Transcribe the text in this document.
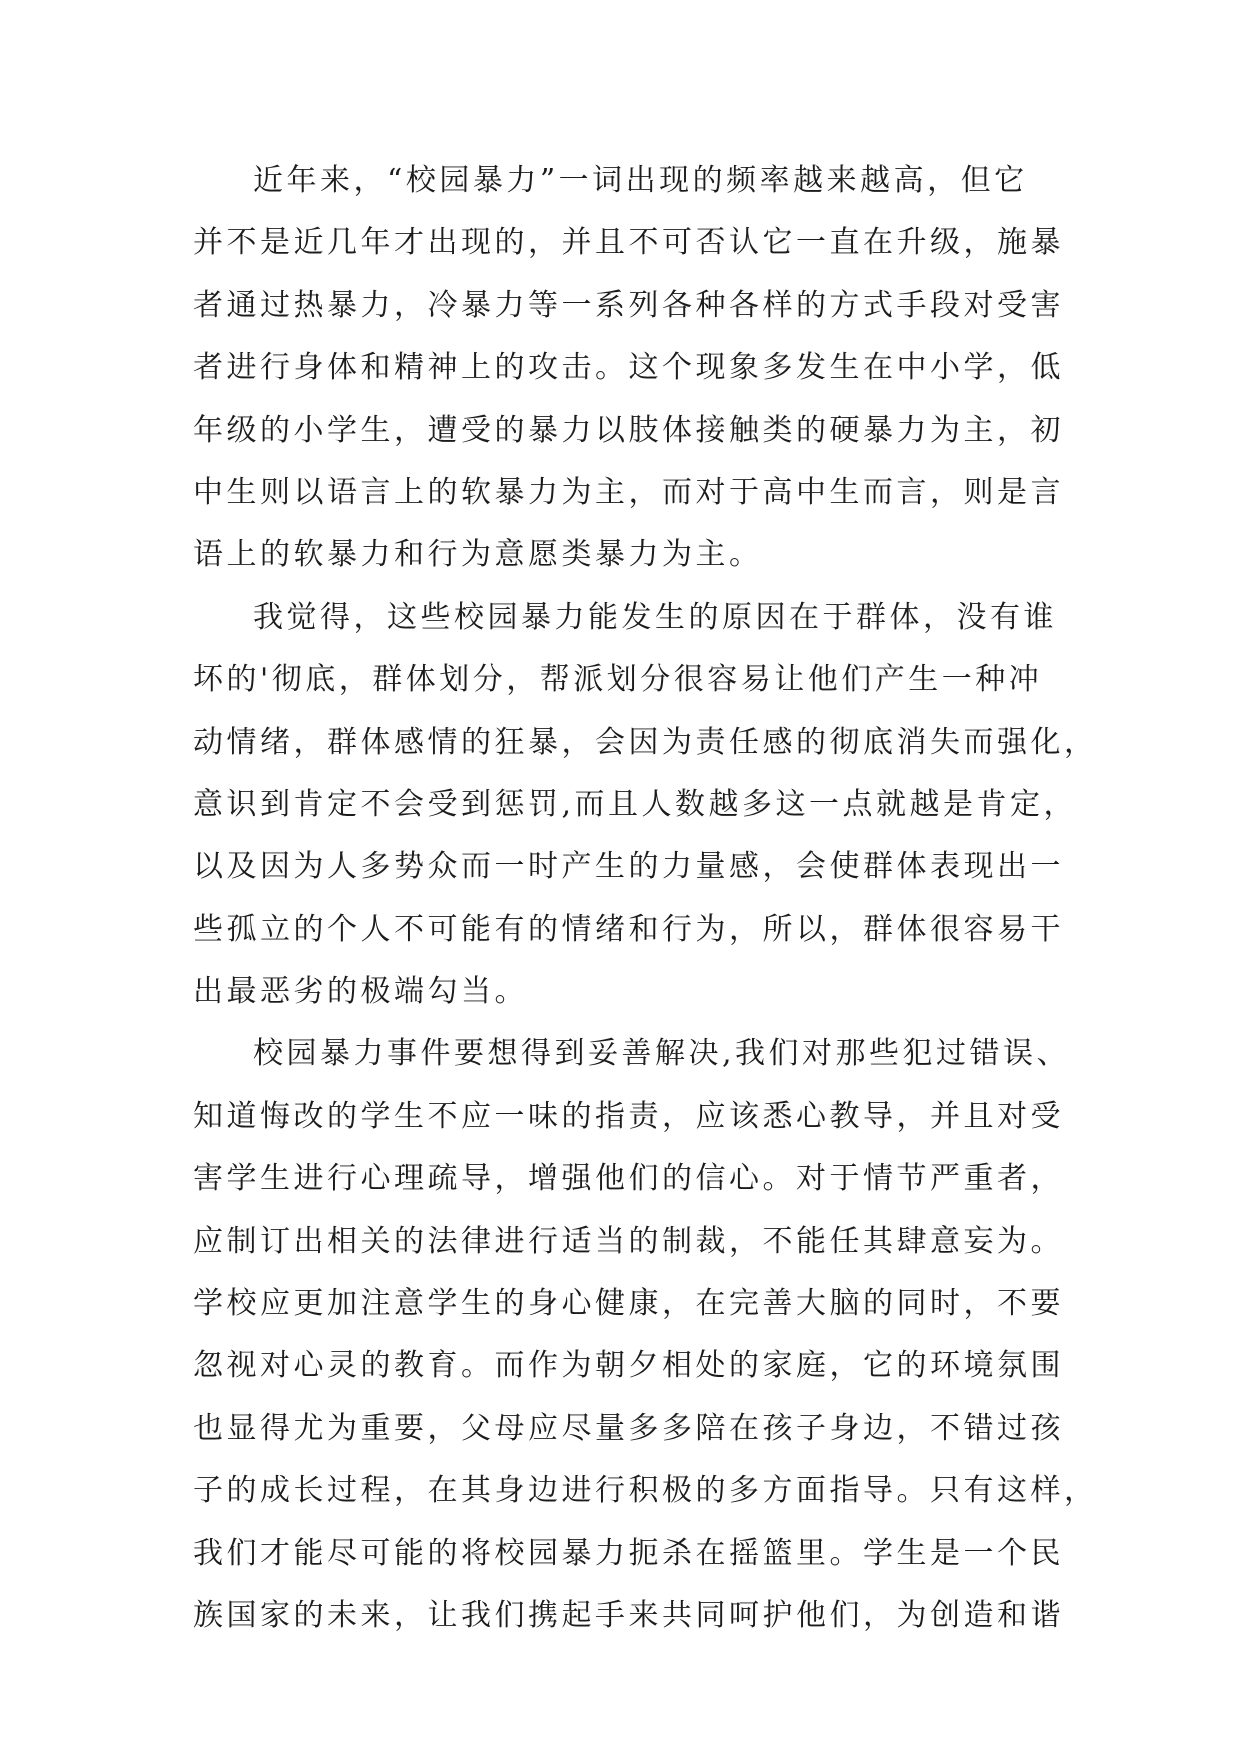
近年来，“校园暴力”一词出现的频率越来越高，但它
并不是近几年才出现的，并且不可否认它一直在升级，施暴
者通过热暴力，冷暴力等一系列各种各样的方式手段对受害
者进行身体和精神上的攻击。这个现象多发生在中小学，低
年级的小学生，遭受的暴力以肢体接触类的硬暴力为主，初
中生则以语言上的软暴力为主，而对于高中生而言，则是言
语上的软暴力和行为意愿类暴力为主。
我觉得，这些校园暴力能发生的原因在于群体，没有谁
坏的'彻底，群体划分，帮派划分很容易让他们产生一种冲
动情绪，群体感情的狂暴，会因为责任感的彻底消失而强化，
意识到肯定不会受到惩罚,而且人数越多这一点就越是肯定，
以及因为人多势众而一时产生的力量感，会使群体表现出一
些孤立的个人不可能有的情绪和行为，所以，群体很容易干
出最恶劣的极端勾当。
校园暴力事件要想得到妥善解决,我们对那些犯过错误、
知道悔改的学生不应一味的指责，应该悉心教导，并且对受
害学生进行心理疏导，增强他们的信心。对于情节严重者，
应制订出相关的法律进行适当的制裁，不能任其肆意妄为。
学校应更加注意学生的身心健康，在完善大脑的同时，不要
忽视对心灵的教育。而作为朝夕相处的家庭，它的环境氛围
也显得尤为重要，父母应尽量多多陪在孩子身边，不错过孩
子的成长过程，在其身边进行积极的多方面指导。只有这样，
我们才能尽可能的将校园暴力扼杀在摇篮里。学生是一个民
族国家的未来，让我们携起手来共同呵护他们，为创造和谐
